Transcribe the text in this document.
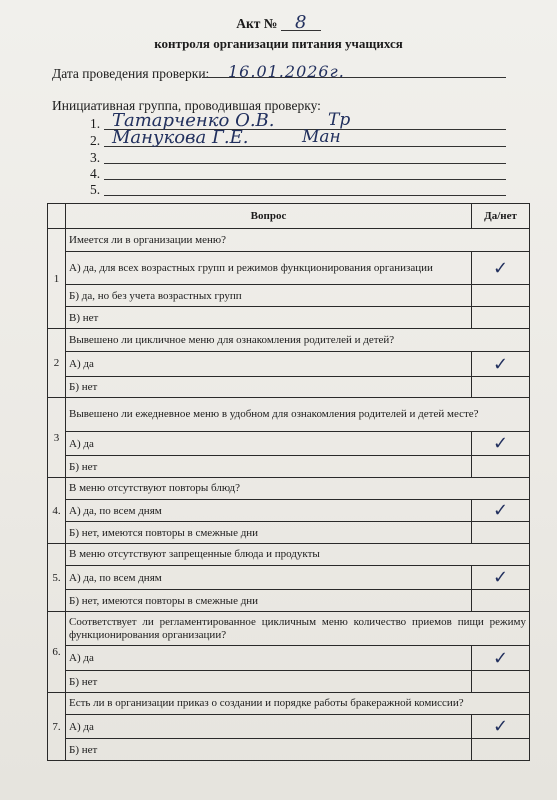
Акт № 8
контроля организации питания учащихся
Дата проведения проверки: 16.01.2026г.
Инициативная группа, проводившая проверку:
1. Татарченко О.В.	Тр
2. Манукова Г.Е.	Ман
3.
4.
5.
	Вопрос	Да/нет
1	Имеется ли в организации меню?	
	А) да, для всех возрастных групп и режимов функционирования организации	✓
	Б) да, но без учета возрастных групп	
	В) нет	
2	Вывешено ли цикличное меню для ознакомления родителей и детей?	
	А) да	✓
	Б) нет	
3	Вывешено ли ежедневное меню в удобном для ознакомления родителей и детей месте?	
	А) да	✓
	Б) нет	
4.	В меню отсутствуют повторы блюд?	
	А) да, по всем дням	✓
	Б) нет, имеются повторы в смежные дни	
5.	В меню отсутствуют запрещенные блюда и продукты	
	А) да, по всем дням	✓
	Б) нет, имеются повторы в смежные дни	
6.	Соответствует ли регламентированное цикличным меню количество приемов пищи режиму функционирования организации?	
	А) да	✓
	Б) нет	
7.	Есть ли в организации приказ о создании и порядке работы бракеражной комиссии?	
	А) да	✓
	Б) нет	
